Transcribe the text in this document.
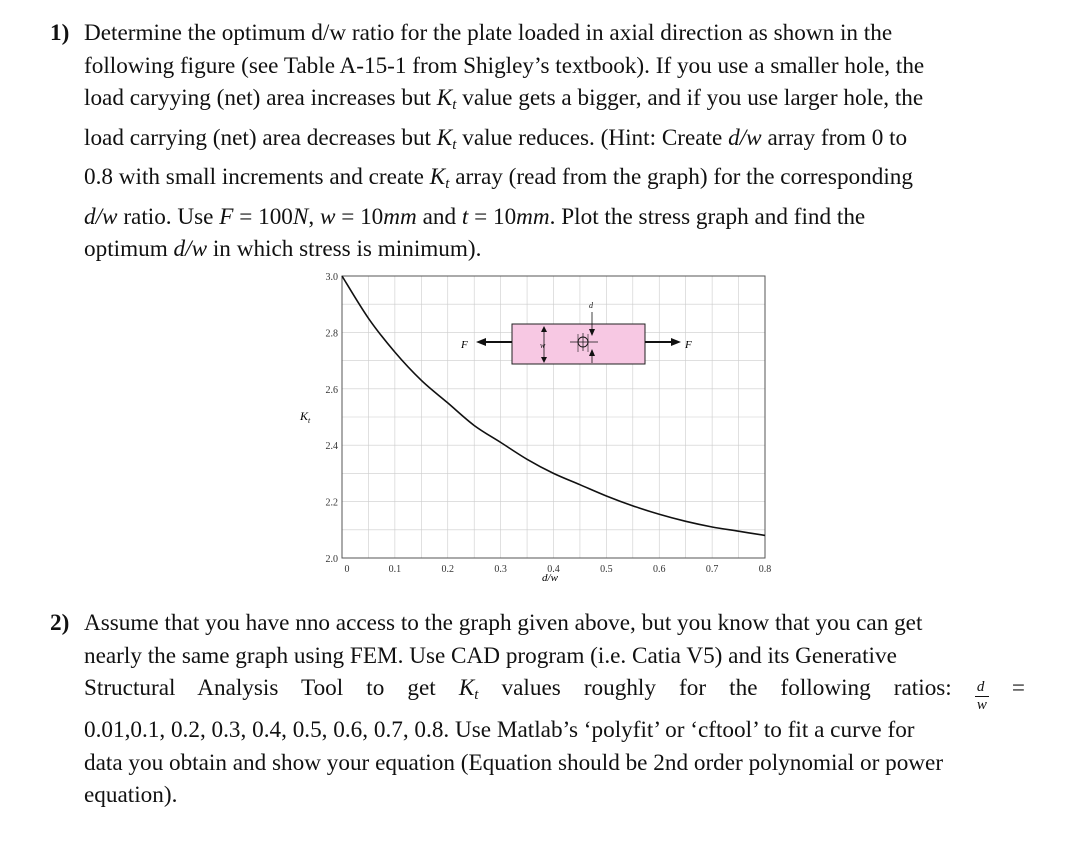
1) Determine the optimum d/w ratio for the plate loaded in axial direction as shown in the

following figure (see Table A-15-1 from Shigley’s textbook). If you use a smaller hole, the

load caryying (net) area increases but $K_t$ value gets a bigger, and if you use larger hole, the

load carrying (net) area decreases but $K_t$ value reduces. (Hint: Create d/w array from 0 to

0.8 with small increments and create $K_t$ array (read from the graph) for the corresponding

d/w ratio. Use F = 100N, w = 10mm and t = 10mm. Plot the stress graph and find the

optimum d/w in which stress is minimum).

0	0.1	0.2	0.3	0.4	0.5	0.6	0.7	0.8
2.0
2.2
2.4
2.6
2.8
3.0
$K_t$
d/w
F	F
w
d
2) Assume that you have nno access to the graph given above, but you know that you can get

nearly the same graph using FEM. Use CAD program (i.e. Catia V5) and its Generative

Structural Analysis Tool to get $K_t$ values roughly for the following ratios: $\frac{d}{w}$ =

0.01,0.1, 0.2, 0.3, 0.4, 0.5, 0.6, 0.7, 0.8. Use Matlab’s ‘polyfit’ or ‘cftool’ to fit a curve for

data you obtain and show your equation (Equation should be 2nd order polynomial or power

equation).
